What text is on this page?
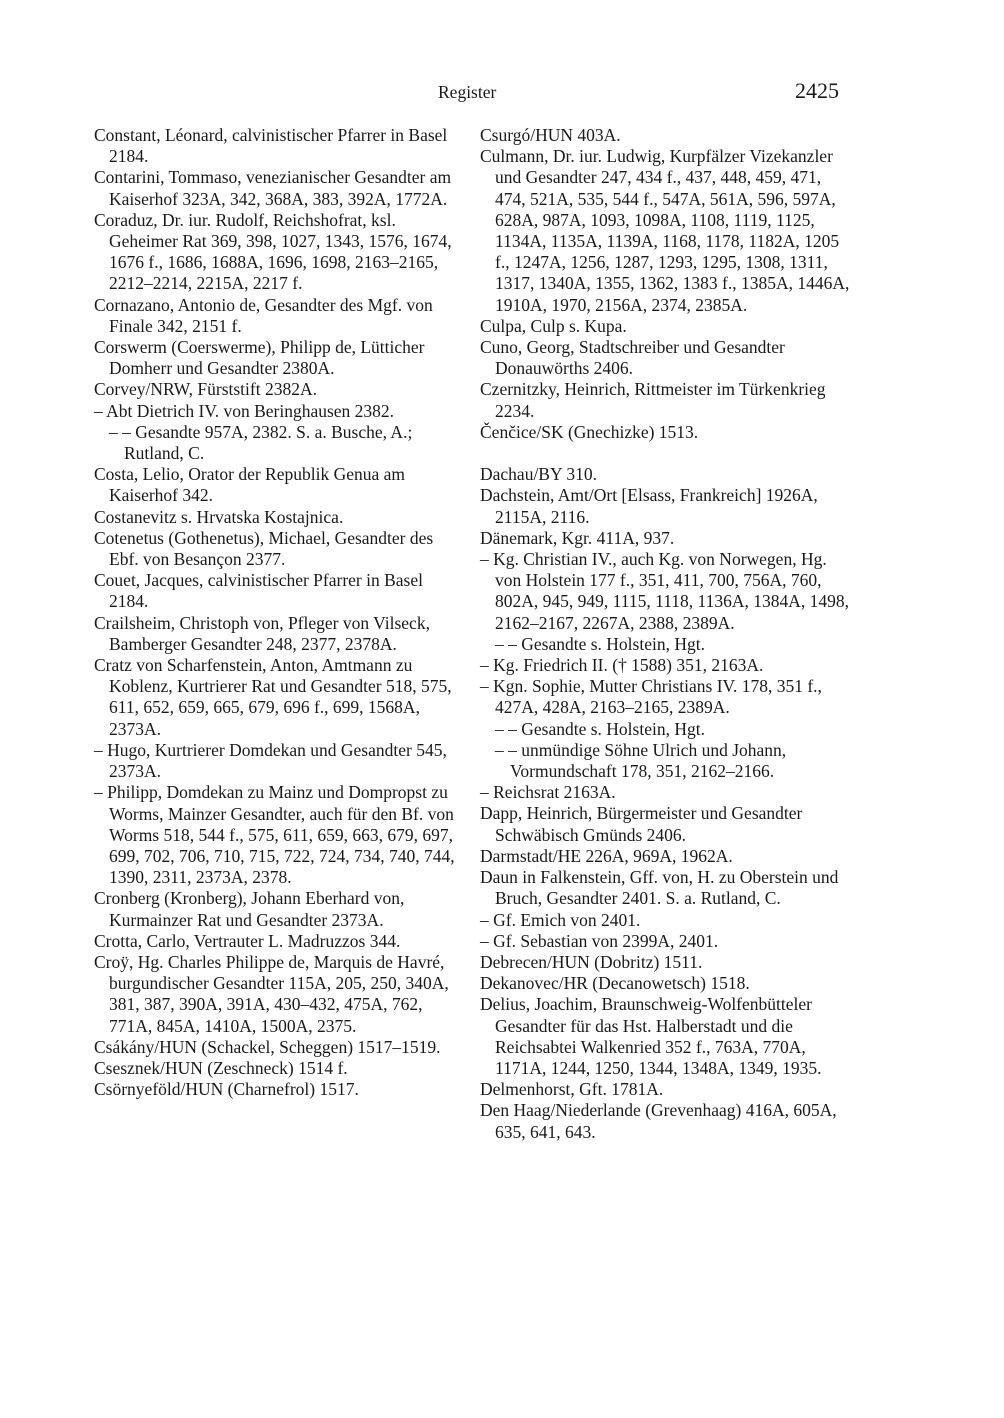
Register	2425

Constant, Léonard, calvinistischer Pfarrer in Basel 2184.

Contarini, Tommaso, venezianischer Gesandter am Kaiserhof 323A, 342, 368A, 383, 392A, 1772A.

Coraduz, Dr. iur. Rudolf, Reichshofrat, ksl. Geheimer Rat 369, 398, 1027, 1343, 1576, 1674, 1676 f., 1686, 1688A, 1696, 1698, 2163–2165, 2212–2214, 2215A, 2217 f.

Cornazano, Antonio de, Gesandter des Mgf. von Finale 342, 2151 f.

Corswerm (Coerswerme), Philipp de, Lütticher Domherr und Gesandter 2380A.

Corvey/NRW, Fürststift 2382A.

– Abt Dietrich IV. von Beringhausen 2382.

– – Gesandte 957A, 2382. S. a. Busche, A.; Rutland, C.

Costa, Lelio, Orator der Republik Genua am Kaiserhof 342.

Costanevitz s. Hrvatska Kostajnica.

Cotenetus (Gothenetus), Michael, Gesandter des Ebf. von Besançon 2377.

Couet, Jacques, calvinistischer Pfarrer in Basel 2184.

Crailsheim, Christoph von, Pfleger von Vilseck, Bamberger Gesandter 248, 2377, 2378A.

Cratz von Scharfenstein, Anton, Amtmann zu Koblenz, Kurtrierer Rat und Gesandter 518, 575, 611, 652, 659, 665, 679, 696 f., 699, 1568A, 2373A.

– Hugo, Kurtrierer Domdekan und Gesandter 545, 2373A.

– Philipp, Domdekan zu Mainz und Dompropst zu Worms, Mainzer Gesandter, auch für den Bf. von Worms 518, 544 f., 575, 611, 659, 663, 679, 697, 699, 702, 706, 710, 715, 722, 724, 734, 740, 744, 1390, 2311, 2373A, 2378.

Cronberg (Kronberg), Johann Eberhard von, Kurmainzer Rat und Gesandter 2373A.

Crotta, Carlo, Vertrauter L. Madruzzos 344.

Croÿ, Hg. Charles Philippe de, Marquis de Havré, burgundischer Gesandter 115A, 205, 250, 340A, 381, 387, 390A, 391A, 430–432, 475A, 762, 771A, 845A, 1410A, 1500A, 2375.

Csákány/HUN (Schackel, Scheggen) 1517–1519.

Csesznek/HUN (Zeschneck) 1514 f.

Csörnyeföld/HUN (Charnefrol) 1517.

Csurgó/HUN 403A.

Culmann, Dr. iur. Ludwig, Kurpfälzer Vizekanzler und Gesandter 247, 434 f., 437, 448, 459, 471, 474, 521A, 535, 544 f., 547A, 561A, 596, 597A, 628A, 987A, 1093, 1098A, 1108, 1119, 1125, 1134A, 1135A, 1139A, 1168, 1178, 1182A, 1205 f., 1247A, 1256, 1287, 1293, 1295, 1308, 1311, 1317, 1340A, 1355, 1362, 1383 f., 1385A, 1446A, 1910A, 1970, 2156A, 2374, 2385A.

Culpa, Culp s. Kupa.

Cuno, Georg, Stadtschreiber und Gesandter Donauwörths 2406.

Czernitzky, Heinrich, Rittmeister im Türkenkrieg 2234.

Čenčice/SK (Gnechizke) 1513.

Dachau/BY 310.

Dachstein, Amt/Ort [Elsass, Frankreich] 1926A, 2115A, 2116.

Dänemark, Kgr. 411A, 937.

– Kg. Christian IV., auch Kg. von Norwegen, Hg. von Holstein 177 f., 351, 411, 700, 756A, 760, 802A, 945, 949, 1115, 1118, 1136A, 1384A, 1498, 2162–2167, 2267A, 2388, 2389A.

– – Gesandte s. Holstein, Hgt.

– Kg. Friedrich II. († 1588) 351, 2163A.

– Kgn. Sophie, Mutter Christians IV. 178, 351 f., 427A, 428A, 2163–2165, 2389A.

– – Gesandte s. Holstein, Hgt.

– – unmündige Söhne Ulrich und Johann, Vormundschaft 178, 351, 2162–2166.

– Reichsrat 2163A.

Dapp, Heinrich, Bürgermeister und Gesandter Schwäbisch Gmünds 2406.

Darmstadt/HE 226A, 969A, 1962A.

Daun in Falkenstein, Gff. von, H. zu Oberstein und Bruch, Gesandter 2401. S. a. Rutland, C.

– Gf. Emich von 2401.

– Gf. Sebastian von 2399A, 2401.

Debrecen/HUN (Dobritz) 1511.

Dekanovec/HR (Decanowetsch) 1518.

Delius, Joachim, Braunschweig-Wolfenbütteler Gesandter für das Hst. Halberstadt und die Reichsabtei Walkenried 352 f., 763A, 770A, 1171A, 1244, 1250, 1344, 1348A, 1349, 1935.

Delmenhorst, Gft. 1781A.

Den Haag/Niederlande (Grevenhaag) 416A, 605A, 635, 641, 643.
